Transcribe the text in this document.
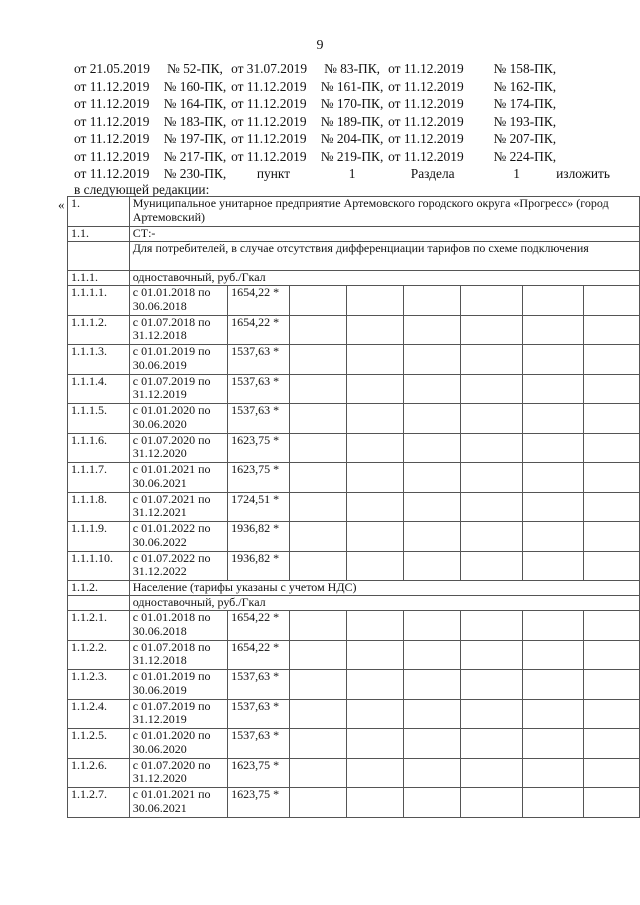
9
от 21.05.2019	№ 52-ПК,	от 31.07.2019	№ 83-ПК,	от 11.12.2019	№ 158-ПК,	
от 11.12.2019	№ 160-ПК,	от 11.12.2019	№ 161-ПК,	от 11.12.2019	№ 162-ПК,	
от 11.12.2019	№ 164-ПК,	от 11.12.2019	№ 170-ПК,	от 11.12.2019	№ 174-ПК,	
от 11.12.2019	№ 183-ПК,	от 11.12.2019	№ 189-ПК,	от 11.12.2019	№ 193-ПК,	
от 11.12.2019	№ 197-ПК,	от 11.12.2019	№ 204-ПК,	от 11.12.2019	№ 207-ПК,	
от 11.12.2019	№ 217-ПК,	от 11.12.2019	№ 219-ПК,	от 11.12.2019	№ 224-ПК,	
от 11.12.2019	№ 230-ПК,	пункт	1	Раздела	1	изложить
в следующей редакции:
« 1.	Муниципальное унитарное предприятие Артемовского городского округа «Прогресс» (город Артемовский)							
1.1.	СТ:-							
	Для потребителей, в случае отсутствия дифференциации тарифов по схеме подключения							
1.1.1.	одноставочный, руб./Гкал							
1.1.1.1.	с 01.01.2018 по 30.06.2018	1654,22 *						
1.1.1.2.	с 01.07.2018 по 31.12.2018	1654,22 *						
1.1.1.3.	с 01.01.2019 по 30.06.2019	1537,63 *						
1.1.1.4.	с 01.07.2019 по 31.12.2019	1537,63 *						
1.1.1.5.	с 01.01.2020 по 30.06.2020	1537,63 *						
1.1.1.6.	с 01.07.2020 по 31.12.2020	1623,75 *						
1.1.1.7.	с 01.01.2021 по 30.06.2021	1623,75 *						
1.1.1.8.	с 01.07.2021 по 31.12.2021	1724,51 *						
1.1.1.9.	с 01.01.2022 по 30.06.2022	1936,82 *						
1.1.1.10.	с 01.07.2022 по 31.12.2022	1936,82 *						
1.1.2.	Население (тарифы указаны с учетом НДС)							
	одноставочный, руб./Гкал							
1.1.2.1.	с 01.01.2018 по 30.06.2018	1654,22 *						
1.1.2.2.	с 01.07.2018 по 31.12.2018	1654,22 *						
1.1.2.3.	с 01.01.2019 по 30.06.2019	1537,63 *						
1.1.2.4.	с 01.07.2019 по 31.12.2019	1537,63 *						
1.1.2.5.	с 01.01.2020 по 30.06.2020	1537,63 *						
1.1.2.6.	с 01.07.2020 по 31.12.2020	1623,75 *						
1.1.2.7.	с 01.01.2021 по 30.06.2021	1623,75 *						
